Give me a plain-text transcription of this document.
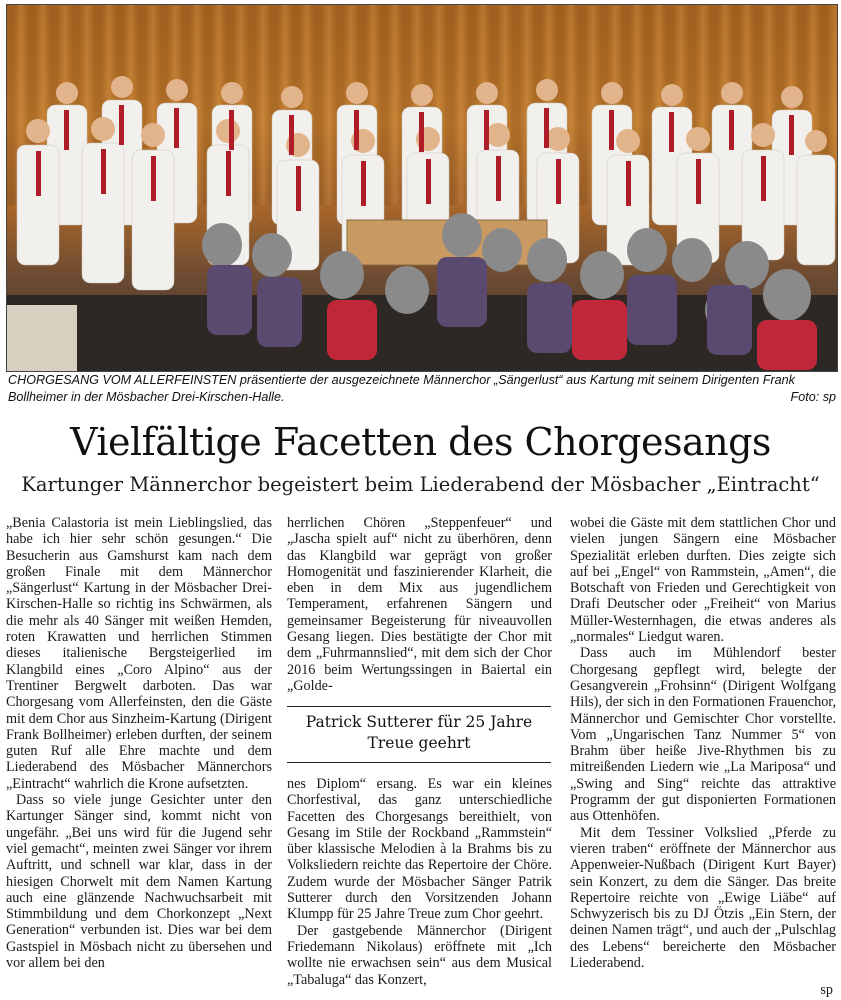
CHORGESANG VOM ALLERFEINSTEN präsentierte der ausgezeichnete Männerchor „Sängerlust“ aus Kartung mit seinem Dirigenten Frank Bollheimer in der Mösbacher Drei-Kirschen-Halle.	Foto: sp
Vielfältige Facetten des Chorgesangs
Kartunger Männerchor begeistert beim Liederabend der Mösbacher „Eintracht“

„Benia Calastoria ist mein Lieblingslied, das habe ich hier sehr schön gesungen.“ Die Besucherin aus Gamshurst kam nach dem großen Finale mit dem Männerchor „Sängerlust“ Kartung in der Mösbacher Drei-Kirschen-Halle so richtig ins Schwärmen, als die mehr als 40 Sänger mit weißen Hemden, roten Krawatten und herrlichen Stimmen dieses italienische Bergsteigerlied im Klangbild eines „Coro Alpino“ aus der Trentiner Bergwelt darboten. Das war Chorgesang vom Allerfeinsten, den die Gäste mit dem Chor aus Sinzheim-Kartung (Dirigent Frank Bollheimer) erleben durften, der seinem guten Ruf alle Ehre machte und dem Liederabend des Mösbacher Männerchors „Eintracht“ wahrlich die Krone aufsetzten.

Dass so viele junge Gesichter unter den Kartunger Sänger sind, kommt nicht von ungefähr. „Bei uns wird für die Jugend sehr viel gemacht“, meinten zwei Sänger vor ihrem Auftritt, und schnell war klar, dass in der hiesigen Chorwelt mit dem Namen Kartung auch eine glänzende Nachwuchsarbeit mit Stimmbildung und dem Chorkonzept „Next Generation“ verbunden ist. Dies war bei dem Gastspiel in Mösbach nicht zu übersehen und vor allem bei den

herrlichen Chören „Steppenfeuer“ und „Jascha spielt auf“ nicht zu überhören, denn das Klangbild war geprägt von großer Homogenität und faszinierender Klarheit, die eben in dem Mix aus jugendlichem Temperament, erfahrenen Sängern und gemeinsamer Begeisterung für niveauvollen Gesang liegen. Dies bestätigte der Chor mit dem „Fuhrmannslied“, mit dem sich der Chor 2016 beim Wertungssingen in Baiertal ein „Golde-

Patrick Sutterer für 25 Jahre Treue geehrt

nes Diplom“ ersang. Es war ein kleines Chorfestival, das ganz unterschiedliche Facetten des Chorgesangs bereithielt, von Gesang im Stile der Rockband „Rammstein“ über klassische Melodien à la Brahms bis zu Volksliedern reichte das Repertoire der Chöre. Zudem wurde der Mösbacher Sänger Patrik Sutterer durch den Vorsitzenden Johann Klumpp für 25 Jahre Treue zum Chor geehrt.

Der gastgebende Männerchor (Dirigent Friedemann Nikolaus) eröffnete mit „Ich wollte nie erwachsen sein“ aus dem Musical „Tabaluga“ das Konzert,

wobei die Gäste mit dem stattlichen Chor und vielen jungen Sängern eine Mösbacher Spezialität erleben durften. Dies zeigte sich auf bei „Engel“ von Rammstein, „Amen“, die Botschaft von Frieden und Gerechtigkeit von Drafi Deutscher oder „Freiheit“ von Marius Müller-Westernhagen, die etwas anderes als „normales“ Liedgut waren.

Dass auch im Mühlendorf bester Chorgesang gepflegt wird, belegte der Gesangverein „Frohsinn“ (Dirigent Wolfgang Hils), der sich in den Formationen Frauenchor, Männerchor und Gemischter Chor vorstellte. Vom „Ungarischen Tanz Nummer 5“ von Brahm über heiße Jive-Rhythmen bis zu mitreißenden Liedern wie „La Mariposa“ und „Swing and Sing“ reichte das attraktive Programm der gut disponierten Formationen aus Ottenhöfen.

Mit dem Tessiner Volkslied „Pferde zu vieren traben“ eröffnete der Männerchor aus Appenweier-Nußbach (Dirigent Kurt Bayer) sein Konzert, zu dem die Sänger. Das breite Repertoire reichte von „Ewige Liäbe“ auf Schwyzerisch bis zu DJ Ötzis „Ein Stern, der deinen Namen trägt“, und auch der „Pulschlag des Lebens“ bereicherte den Mösbacher Liederabend.

sp
